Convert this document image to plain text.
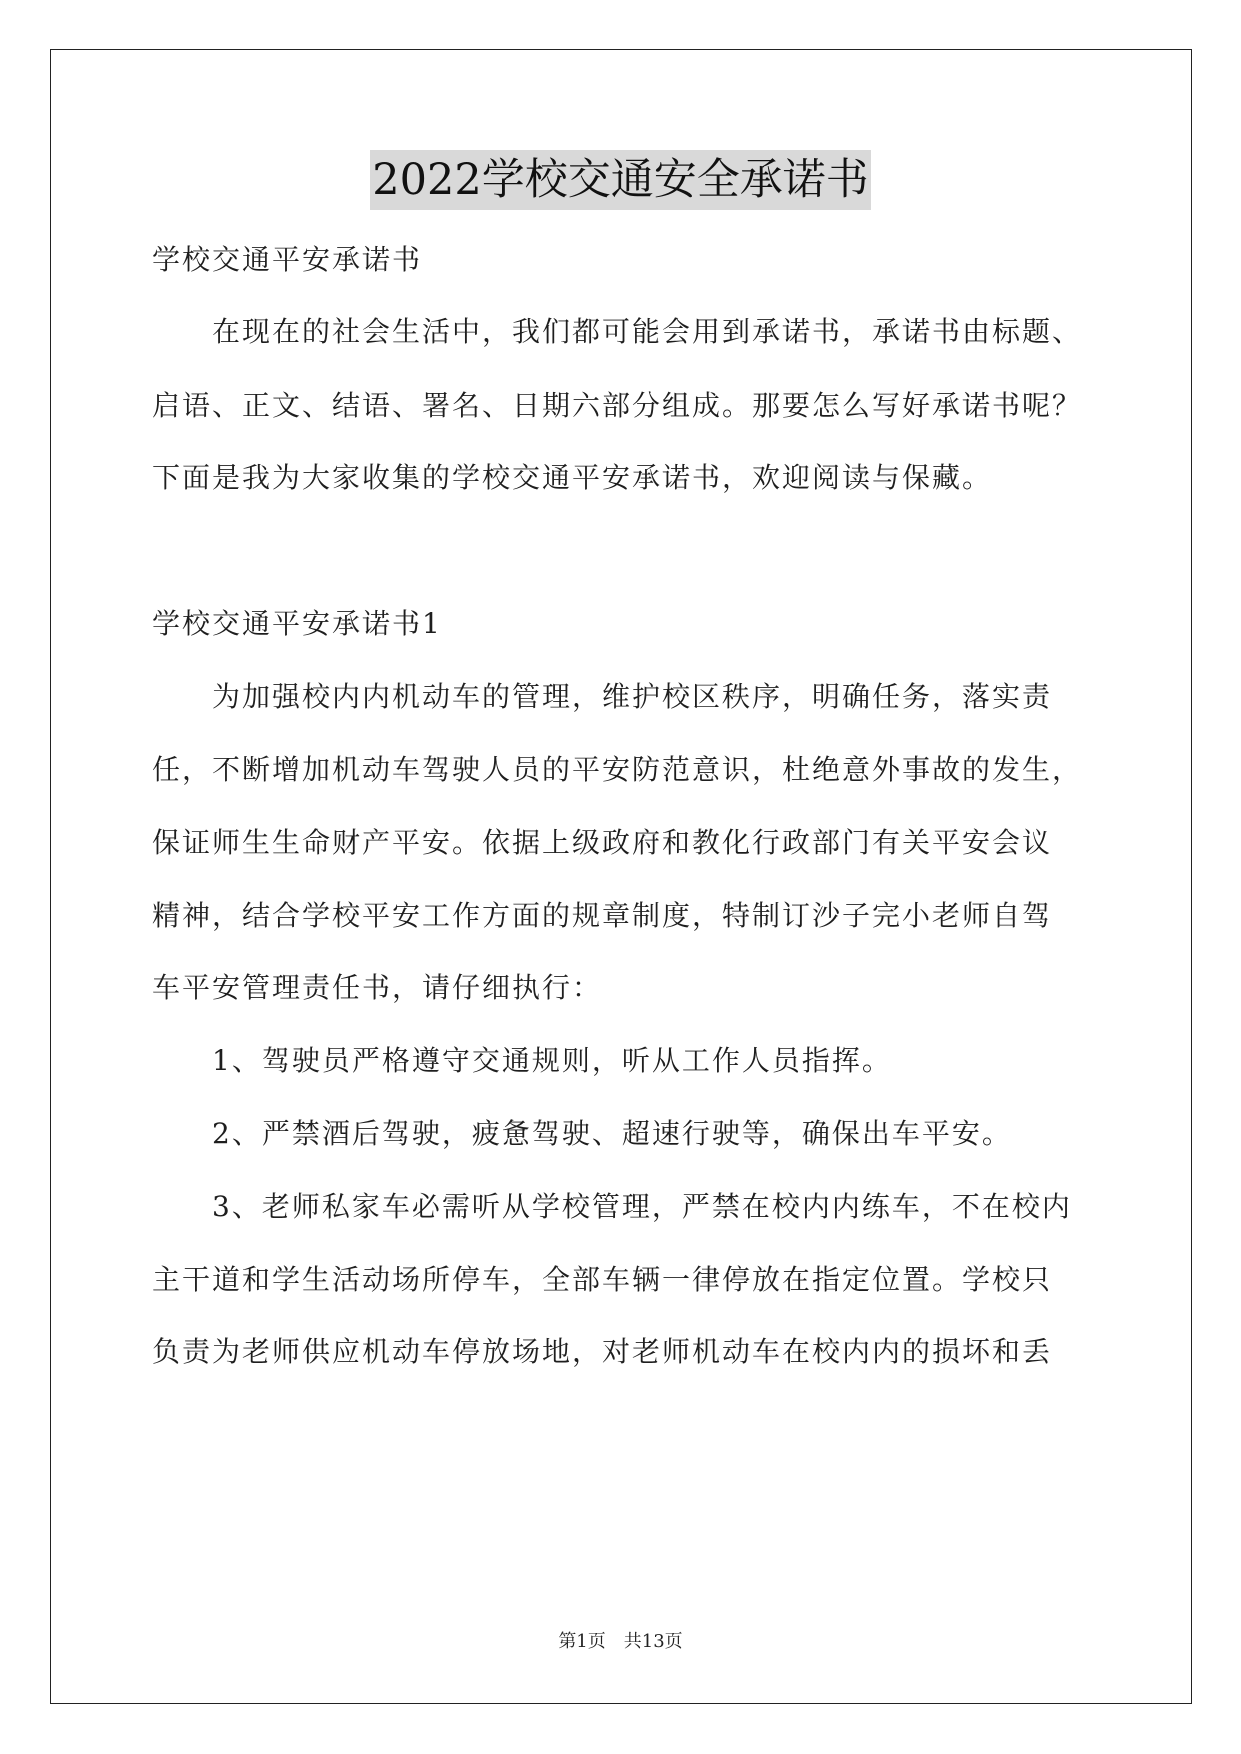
2022学校交通安全承诺书
学校交通平安承诺书
在现在的社会生活中，我们都可能会用到承诺书，承诺书由标题、
启语、正文、结语、署名、日期六部分组成。那要怎么写好承诺书呢？
下面是我为大家收集的学校交通平安承诺书，欢迎阅读与保藏。
学校交通平安承诺书1
为加强校内内机动车的管理，维护校区秩序，明确任务，落实责
任，不断增加机动车驾驶人员的平安防范意识，杜绝意外事故的发生，
保证师生生命财产平安。依据上级政府和教化行政部门有关平安会议
精神，结合学校平安工作方面的规章制度，特制订沙子完小老师自驾
车平安管理责任书，请仔细执行：
1、驾驶员严格遵守交通规则，听从工作人员指挥。
2、严禁酒后驾驶，疲惫驾驶、超速行驶等，确保出车平安。
3、老师私家车必需听从学校管理，严禁在校内内练车，不在校内
主干道和学生活动场所停车，全部车辆一律停放在指定位置。学校只
负责为老师供应机动车停放场地，对老师机动车在校内内的损坏和丢
第1页 共13页
